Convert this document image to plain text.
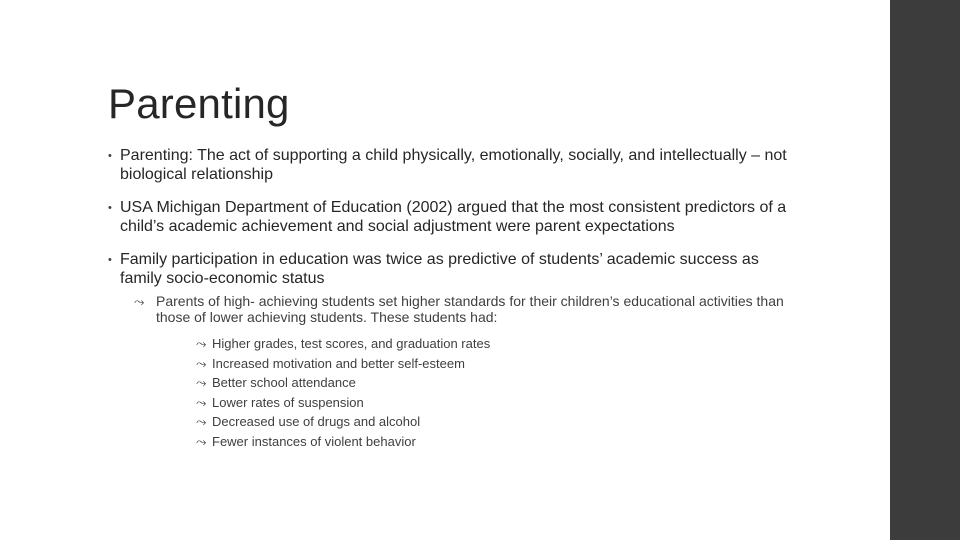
Parenting
• Parenting: The act of supporting a child physically, emotionally, socially, and intellectually – not biological relationship
• USA Michigan Department of Education (2002) argued that the most consistent predictors of a child’s academic achievement and social adjustment were parent expectations
• Family participation in education was twice as predictive of students’ academic success as family socio-economic status
⤳ Parents of high- achieving students set higher standards for their children’s educational activities than those of lower achieving students. These students had:
⤳ Higher grades, test scores, and graduation rates
⤳ Increased motivation and better self-esteem
⤳ Better school attendance
⤳ Lower rates of suspension
⤳ Decreased use of drugs and alcohol
⤳ Fewer instances of violent behavior
